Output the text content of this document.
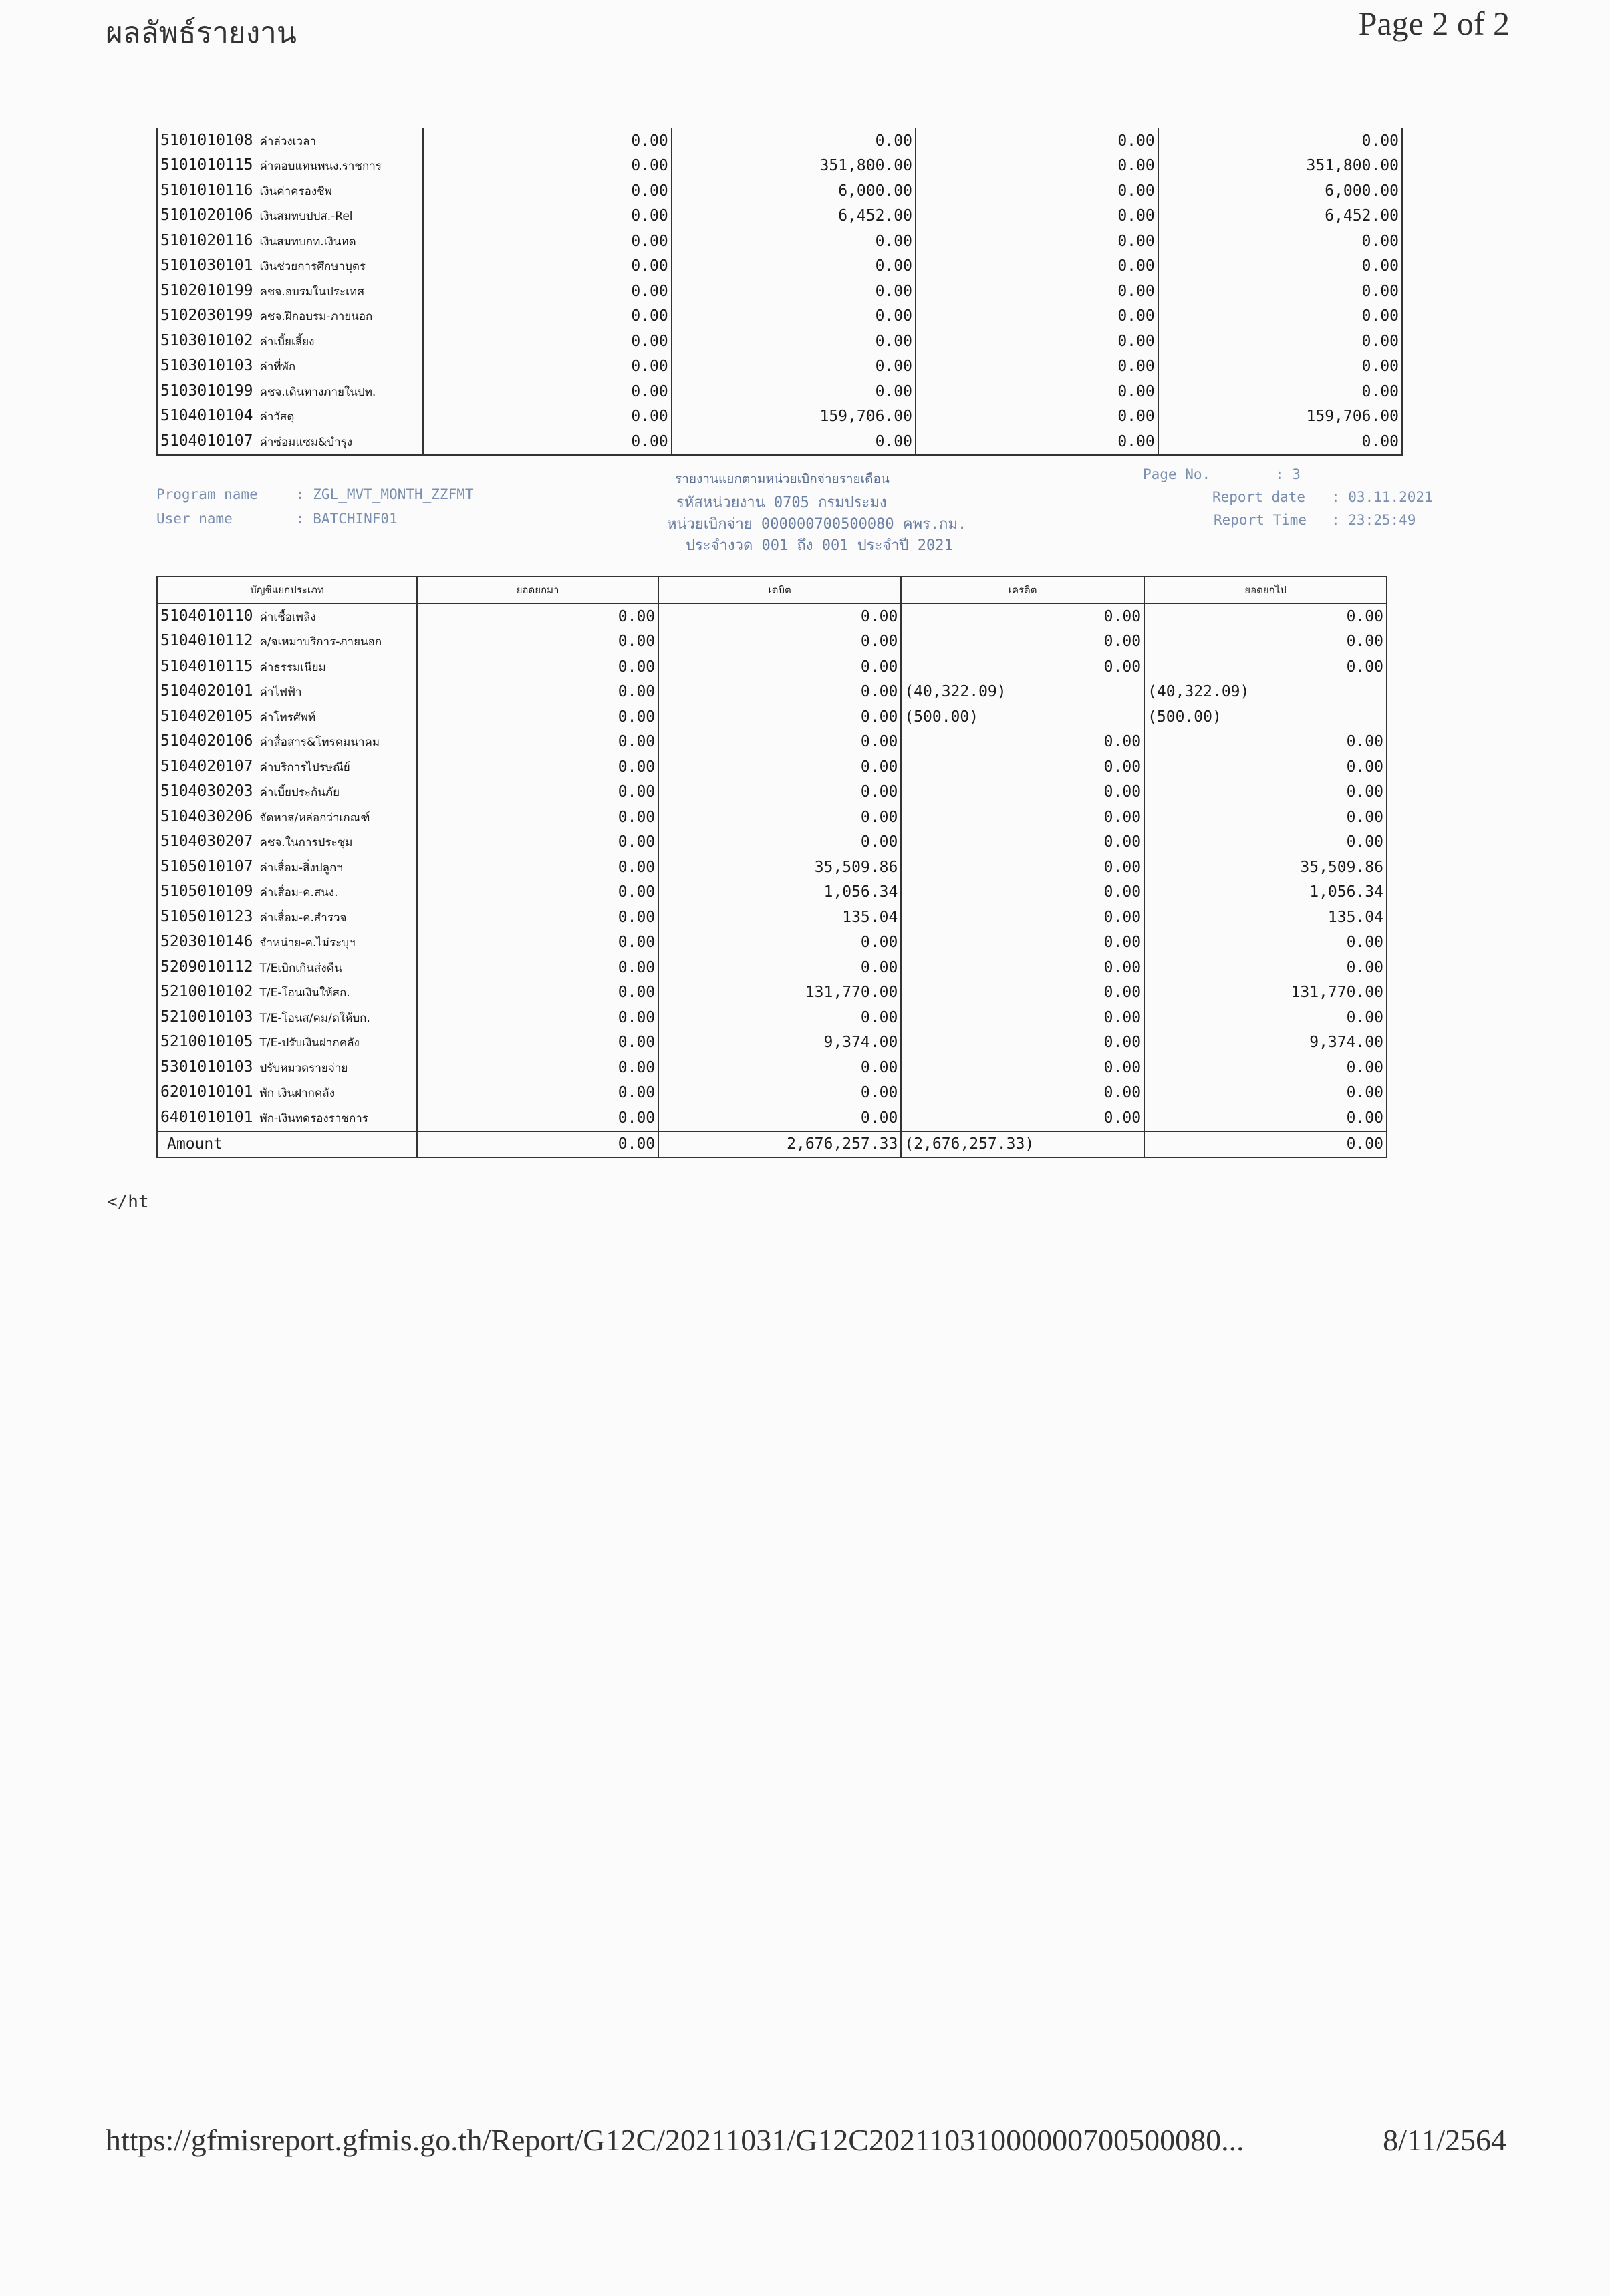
ผลลัพธ์รายงาน	Page 2 of 2
5101010108 ค่าล่วงเวลา	0.00	0.00	0.00	0.00
5101010115 ค่าตอบแทนพนง.ราชการ	0.00	351,800.00	0.00	351,800.00
5101010116 เงินค่าครองชีพ	0.00	6,000.00	0.00	6,000.00
5101020106 เงินสมทบปปส.-Rel	0.00	6,452.00	0.00	6,452.00
5101020116 เงินสมทบกท.เงินทด	0.00	0.00	0.00	0.00
5101030101 เงินช่วยการศึกษาบุตร	0.00	0.00	0.00	0.00
5102010199 คชจ.อบรมในประเทศ	0.00	0.00	0.00	0.00
5102030199 คชจ.ฝึกอบรม-ภายนอก	0.00	0.00	0.00	0.00
5103010102 ค่าเบี้ยเลี้ยง	0.00	0.00	0.00	0.00
5103010103 ค่าที่พัก	0.00	0.00	0.00	0.00
5103010199 คชจ.เดินทางภายในปท.	0.00	0.00	0.00	0.00
5104010104 ค่าวัสดุ	0.00	159,706.00	0.00	159,706.00
5104010107 ค่าซ่อมแซม&บำรุง	0.00	0.00	0.00	0.00
Program name	: ZGL_MVT_MONTH_ZZFMT
User name	: BATCHINF01
รายงานแยกตามหน่วยเบิกจ่ายรายเดือน
รหัสหน่วยงาน 0705 กรมประมง
หน่วยเบิกจ่าย 000000700500080 คพร.กม.
ประจำงวด 001 ถึง 001 ประจำปี 2021
Page No.	: 3
Report date : 03.11.2021
Report Time : 23:25:49
บัญชีแยกประเภท	ยอดยกมา	เดบิต	เครดิต	ยอดยกไป
5104010110 ค่าเชื้อเพลิง	0.00	0.00	0.00	0.00
5104010112 ค/จเหมาบริการ-ภายนอก	0.00	0.00	0.00	0.00
5104010115 ค่าธรรมเนียม	0.00	0.00	0.00	0.00
5104020101 ค่าไฟฟ้า	0.00	0.00	(40,322.09)	(40,322.09)
5104020105 ค่าโทรศัพท์	0.00	0.00	(500.00)	(500.00)
5104020106 ค่าสื่อสาร&โทรคมนาคม	0.00	0.00	0.00	0.00
5104020107 ค่าบริการไปรษณีย์	0.00	0.00	0.00	0.00
5104030203 ค่าเบี้ยประกันภัย	0.00	0.00	0.00	0.00
5104030206 จัดหาส/หล่อกว่าเกณฑ์	0.00	0.00	0.00	0.00
5104030207 คชจ.ในการประชุม	0.00	0.00	0.00	0.00
5105010107 ค่าเสื่อม-สิ่งปลูกฯ	0.00	35,509.86	0.00	35,509.86
5105010109 ค่าเสื่อม-ค.สนง.	0.00	1,056.34	0.00	1,056.34
5105010123 ค่าเสื่อม-ค.สำรวจ	0.00	135.04	0.00	135.04
5203010146 จำหน่าย-ค.ไม่ระบุฯ	0.00	0.00	0.00	0.00
5209010112 T/Eเบิกเกินส่งคืน	0.00	0.00	0.00	0.00
5210010102 T/E-โอนเงินให้สก.	0.00	131,770.00	0.00	131,770.00
5210010103 T/E-โอนส/คม/ดให้บก.	0.00	0.00	0.00	0.00
5210010105 T/E-ปรับเงินฝากคลัง	0.00	9,374.00	0.00	9,374.00
5301010103 ปรับหมวดรายจ่าย	0.00	0.00	0.00	0.00
6201010101 พัก เงินฝากคลัง	0.00	0.00	0.00	0.00
6401010101 พัก-เงินทดรองราชการ	0.00	0.00	0.00	0.00
Amount	0.00	2,676,257.33	(2,676,257.33)	0.00
</ht
https://gfmisreport.gfmis.go.th/Report/G12C/20211031/G12C20211031000000700500080...	8/11/2564
